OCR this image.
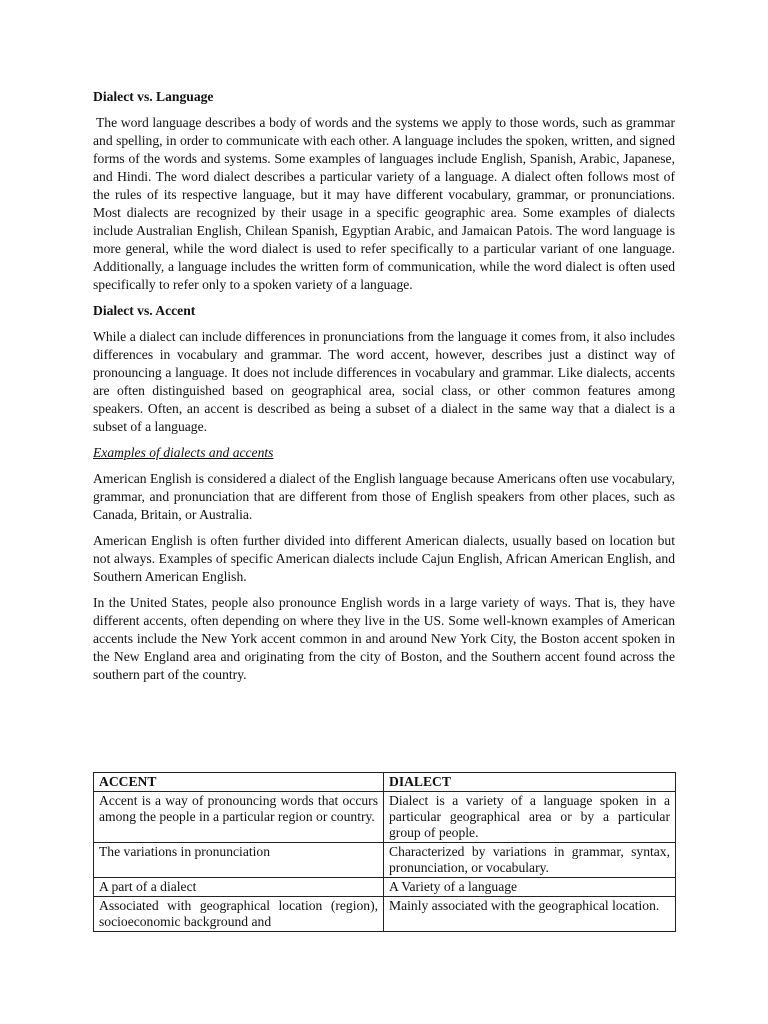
Dialect vs. Language

The word language describes a body of words and the systems we apply to those words, such as grammar and spelling, in order to communicate with each other. A language includes the spoken, written, and signed forms of the words and systems. Some examples of languages include English, Spanish, Arabic, Japanese, and Hindi. The word dialect describes a particular variety of a language. A dialect often follows most of the rules of its respective language, but it may have different vocabulary, grammar, or pronunciations. Most dialects are recognized by their usage in a specific geographic area. Some examples of dialects include Australian English, Chilean Spanish, Egyptian Arabic, and Jamaican Patois. The word language is more general, while the word dialect is used to refer specifically to a particular variant of one language. Additionally, a language includes the written form of communication, while the word dialect is often used specifically to refer only to a spoken variety of a language.

Dialect vs. Accent

While a dialect can include differences in pronunciations from the language it comes from, it also includes differences in vocabulary and grammar. The word accent, however, describes just a distinct way of pronouncing a language. It does not include differences in vocabulary and grammar. Like dialects, accents are often distinguished based on geographical area, social class, or other common features among speakers. Often, an accent is described as being a subset of a dialect in the same way that a dialect is a subset of a language.

Examples of dialects and accents

American English is considered a dialect of the English language because Americans often use vocabulary, grammar, and pronunciation that are different from those of English speakers from other places, such as Canada, Britain, or Australia.

American English is often further divided into different American dialects, usually based on location but not always. Examples of specific American dialects include Cajun English, African American English, and Southern American English.

In the United States, people also pronounce English words in a large variety of ways. That is, they have different accents, often depending on where they live in the US. Some well-known examples of American accents include the New York accent common in and around New York City, the Boston accent spoken in the New England area and originating from the city of Boston, and the Southern accent found across the southern part of the country.

ACCENT	DIALECT
Accent is a way of pronouncing words that occurs among the people in a particular region or country.	Dialect is a variety of a language spoken in a particular geographical area or by a particular group of people.
The variations in pronunciation	Characterized by variations in grammar, syntax, pronunciation, or vocabulary.
A part of a dialect	A Variety of a language

Associated with geographical location (region), socioeconomic background and	Mainly associated with the geographical location.
